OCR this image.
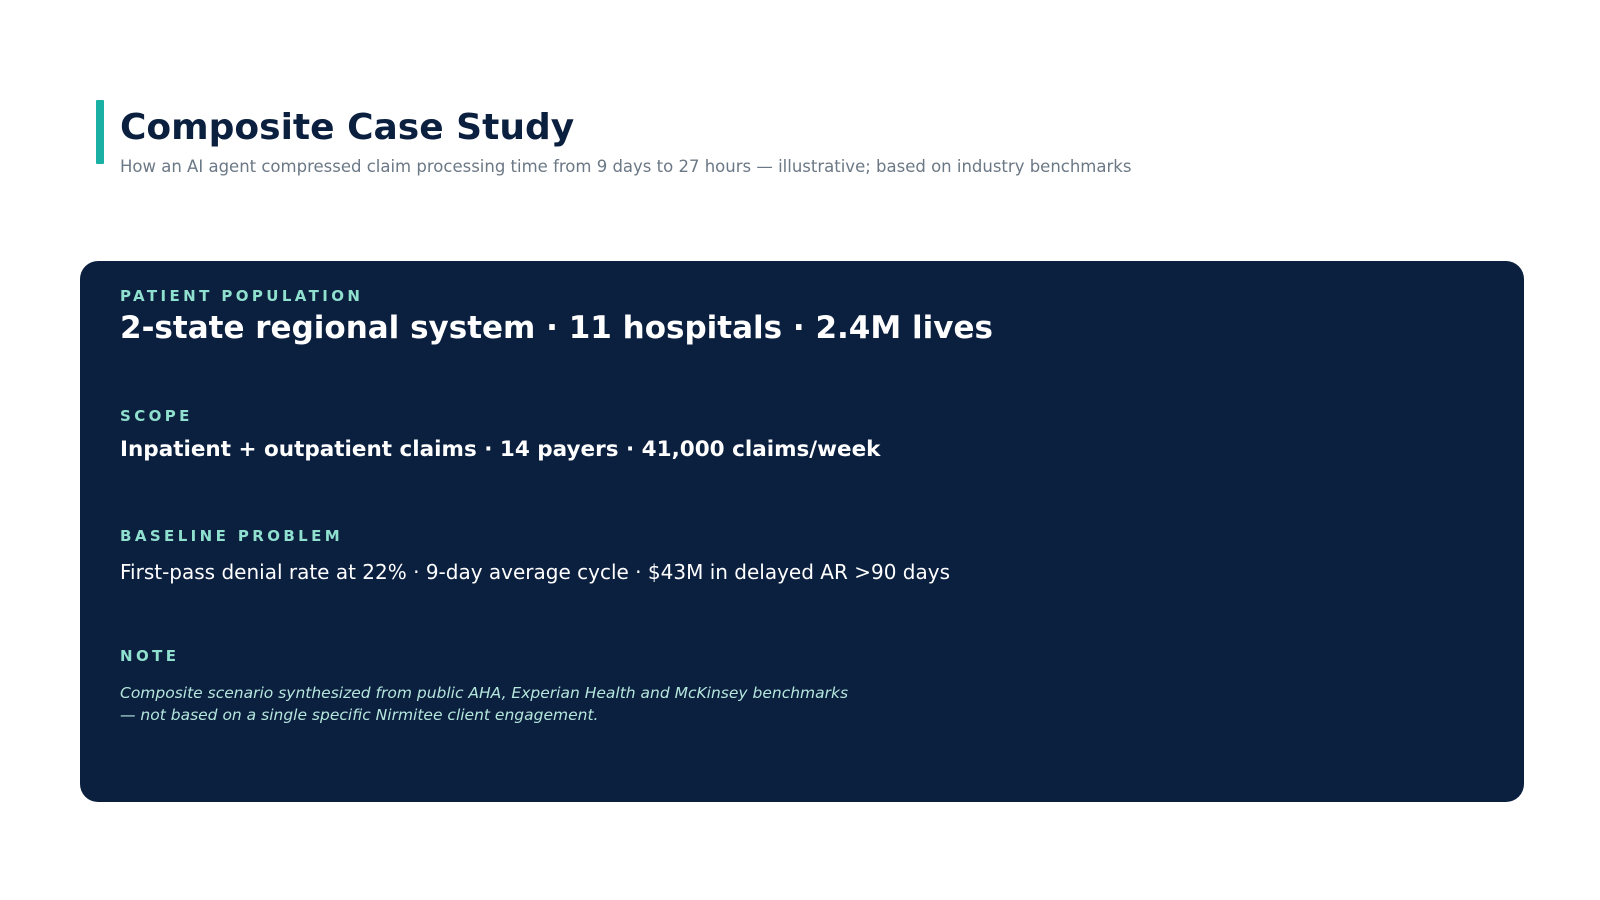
Composite Case Study

How an AI agent compressed claim processing time from 9 days to 27 hours — illustrative; based on industry benchmarks

PATIENT POPULATION
2-state regional system · 11 hospitals · 2.4M lives
SCOPE
Inpatient + outpatient claims · 14 payers · 41,000 claims/week
BASELINE PROBLEM
First-pass denial rate at 22% · 9-day average cycle · $43M in delayed AR >90 days
NOTE
Composite scenario synthesized from public AHA, Experian Health and McKinsey benchmarks
— not based on a single specific Nirmitee client engagement.
